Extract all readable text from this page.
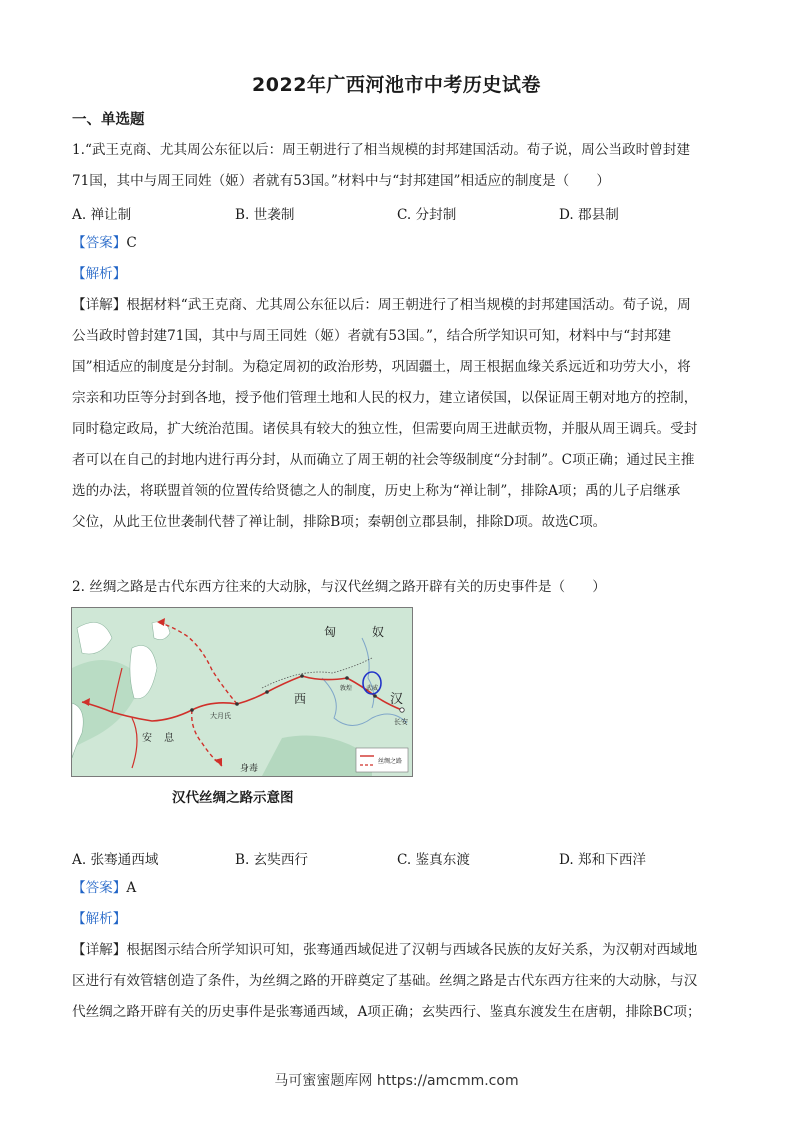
2022年广西河池市中考历史试卷
一、单选题
1.“武王克商、尤其周公东征以后：周王朝进行了相当规模的封邦建国活动。荀子说，周公当政时曾封建
71国，其中与周王同姓（姬）者就有53国。”材料中与“封邦建国”相适应的制度是（　　）
A. 禅让制	B. 世袭制	C. 分封制	D. 郡县制
【答案】C
【解析】
【详解】根据材料“武王克商、尤其周公东征以后：周王朝进行了相当规模的封邦建国活动。荀子说，周
公当政时曾封建71国，其中与周王同姓（姬）者就有53国。”，结合所学知识可知，材料中与“封邦建
国”相适应的制度是分封制。为稳定周初的政治形势，巩固疆土，周王根据血缘关系远近和功劳大小，将
宗亲和功臣等分封到各地，授予他们管理土地和人民的权力，建立诸侯国，以保证周王朝对地方的控制，
同时稳定政局，扩大统治范围。诸侯具有较大的独立性，但需要向周王进献贡物，并服从周王调兵。受封
者可以在自己的封地内进行再分封，从而确立了周王朝的社会等级制度“分封制”。C项正确；通过民主推
选的办法，将联盟首领的位置传给贤德之人的制度，历史上称为“禅让制”，排除A项；禹的儿子启继承
父位，从此王位世袭制代替了禅让制，排除B项；秦朝创立郡县制，排除D项。故选C项。
2. 丝绸之路是古代东西方往来的大动脉，与汉代丝绸之路开辟有关的历史事件是（　　）
匈	奴
西	汉
长安
安 息
大月氏
身毒
敦煌 武威
丝绸之路
汉代丝绸之路示意图
A. 张骞通西域	B. 玄奘西行	C. 鉴真东渡	D. 郑和下西洋
【答案】A
【解析】
【详解】根据图示结合所学知识可知，张骞通西域促进了汉朝与西域各民族的友好关系，为汉朝对西域地
区进行有效管辖创造了条件，为丝绸之路的开辟奠定了基础。丝绸之路是古代东西方往来的大动脉，与汉
代丝绸之路开辟有关的历史事件是张骞通西域，A项正确；玄奘西行、鉴真东渡发生在唐朝，排除BC项；
马可蜜蜜题库网 https://amcmm.com
